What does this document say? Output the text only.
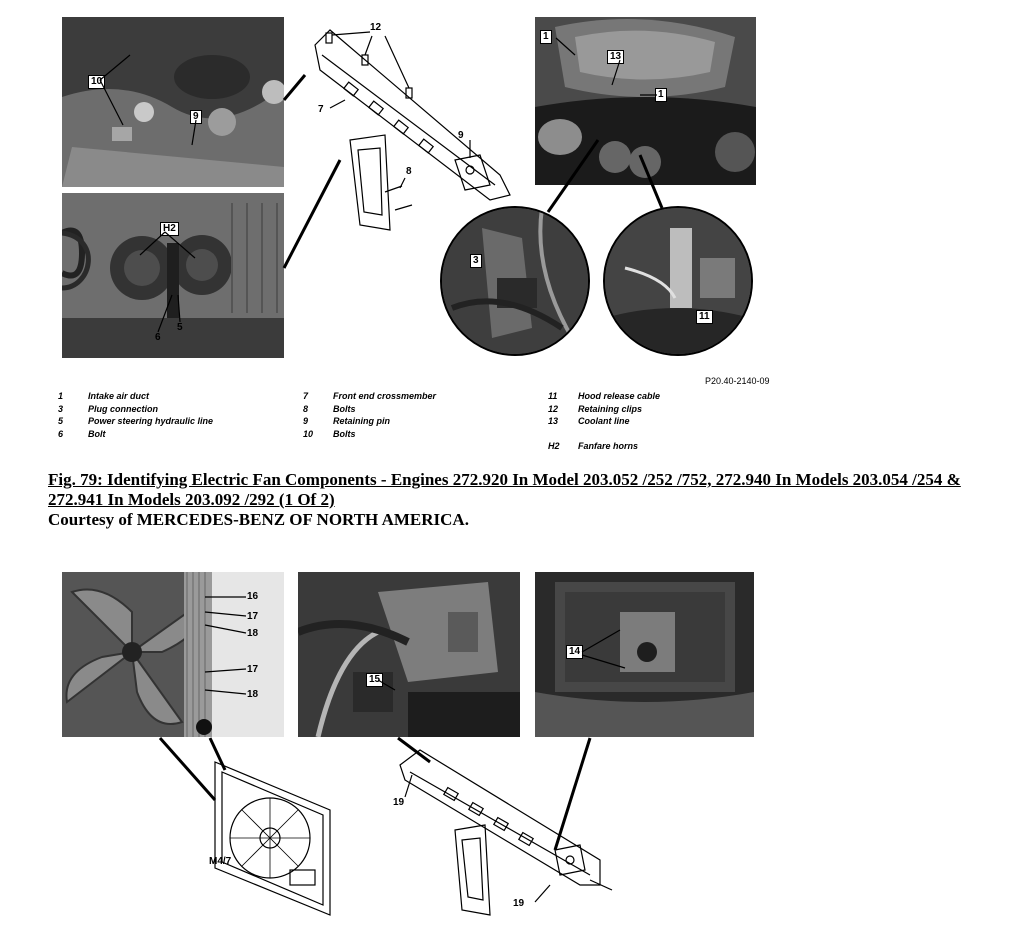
10
9
H2
6
5
1
13
1
3
11
12
7
9
8
P20.40-2140-09
1	Intake air duct
3	Plug connection
5	Power steering hydraulic line
6	Bolt
7	Front end crossmember
8	Bolts
9	Retaining pin
10	Bolts
11	Hood release cable
12	Retaining clips
13	Coolant line
H2	Fanfare horns
Fig. 79: Identifying Electric Fan Components - Engines 272.920 In Model 203.052 /252 /752, 272.940 In Models 203.054 /254 & 272.941 In Models 203.092 /292 (1 Of 2)
Courtesy of MERCEDES-BENZ OF NORTH AMERICA.
16
17
18
17
18
15
14
19
M4/7
19
